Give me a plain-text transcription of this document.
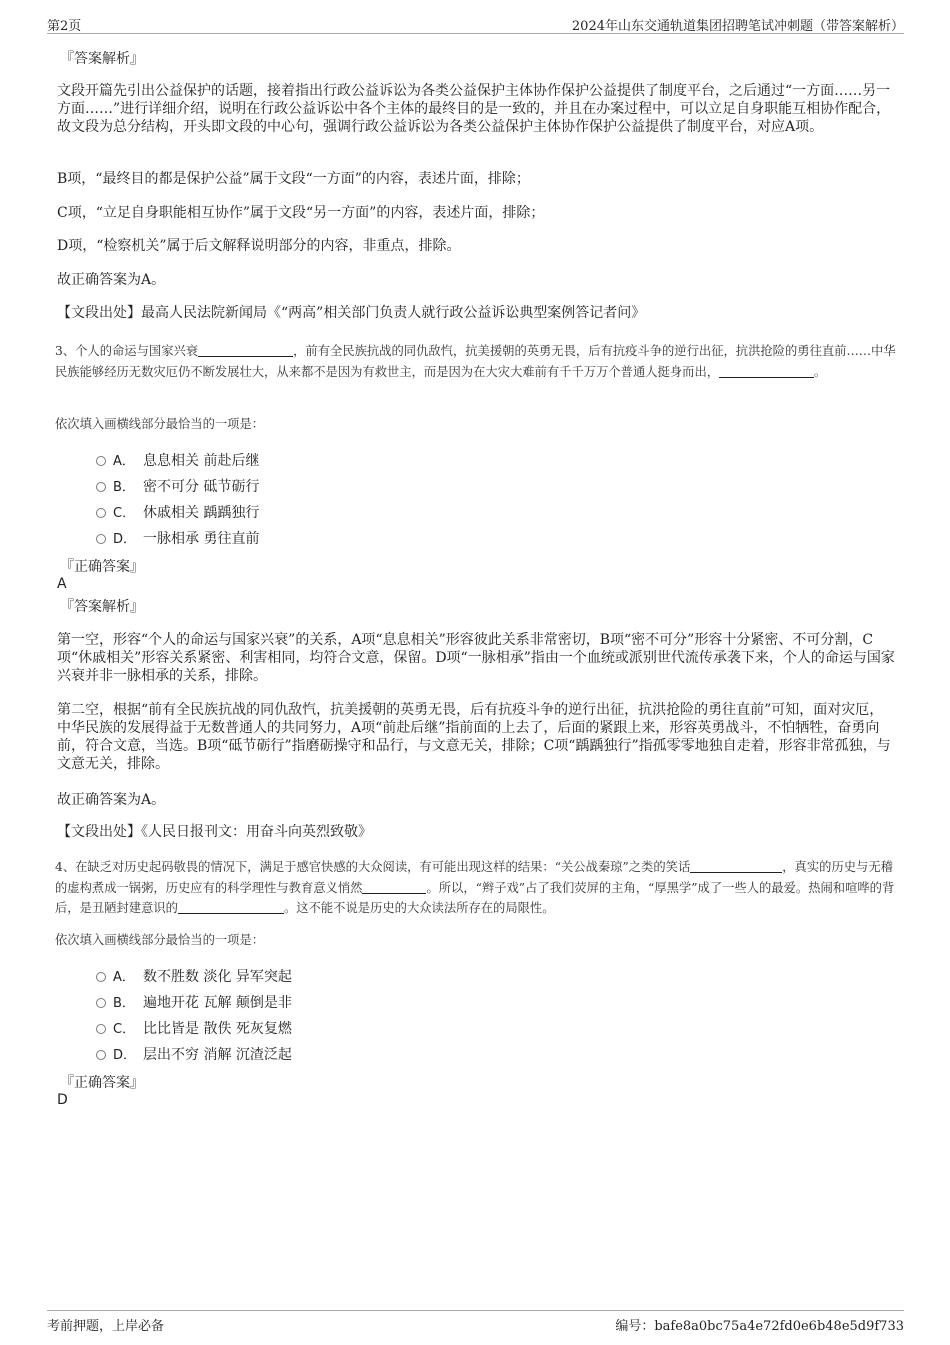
第2页	2024年山东交通轨道集团招聘笔试冲刺题（带答案解析）
『答案解析』
文段开篇先引出公益保护的话题，接着指出行政公益诉讼为各类公益保护主体协作保护公益提供了制度平台，之后通过“一方面……另一方面……”进行详细介绍，说明在行政公益诉讼中各个主体的最终目的是一致的，并且在办案过程中，可以立足自身职能互相协作配合，故文段为总分结构，开头即文段的中心句，强调行政公益诉讼为各类公益保护主体协作保护公益提供了制度平台，对应A项。
B项，“最终目的都是保护公益”属于文段“一方面”的内容，表述片面，排除；
C项，“立足自身职能相互协作”属于文段“另一方面”的内容，表述片面，排除；
D项，“检察机关”属于后文解释说明部分的内容，非重点，排除。
故正确答案为A。
【文段出处】最高人民法院新闻局《“两高”相关部门负责人就行政公益诉讼典型案例答记者问》
3、个人的命运与国家兴衰	，前有全民族抗战的同仇敌忾，抗美援朝的英勇无畏，后有抗疫斗争的逆行出征，抗洪抢险的勇往直前……中华民族能够经历无数灾厄仍不断发展壮大，从来都不是因为有救世主，而是因为在大灾大难前有千千万万个普通人挺身而出，	。
依次填入画横线部分最恰当的一项是：
A． 息息相关 前赴后继
B． 密不可分 砥节砺行
C． 休戚相关 踽踽独行
D． 一脉相承 勇往直前
『正确答案』
A
『答案解析』
第一空，形容“个人的命运与国家兴衰”的关系，A项“息息相关”形容彼此关系非常密切，B项“密不可分”形容十分紧密、不可分割，C项“休戚相关”形容关系紧密、利害相同，均符合文意，保留。D项“一脉相承”指由一个血统或派别世代流传承袭下来，个人的命运与国家兴衰并非一脉相承的关系，排除。
第二空，根据“前有全民族抗战的同仇敌忾，抗美援朝的英勇无畏，后有抗疫斗争的逆行出征，抗洪抢险的勇往直前”可知，面对灾厄，中华民族的发展得益于无数普通人的共同努力，A项“前赴后继”指前面的上去了，后面的紧跟上来，形容英勇战斗，不怕牺牲，奋勇向前，符合文意，当选。B项“砥节砺行”指磨砺操守和品行，与文意无关，排除；C项“踽踽独行”指孤零零地独自走着，形容非常孤独，与文意无关，排除。
故正确答案为A。
【文段出处】《人民日报刊文：用奋斗向英烈致敬》
4、在缺乏对历史起码敬畏的情况下，满足于感官快感的大众阅读，有可能出现这样的结果：“关公战秦琼”之类的笑话	，真实的历史与无稽的虚构煮成一锅粥，历史应有的科学理性与教育意义悄然	。所以，“辫子戏”占了我们荧屏的主角，“厚黑学”成了一些人的最爱。热闹和喧哗的背后，是丑陋封建意识的	。这不能不说是历史的大众读法所存在的局限性。
依次填入画横线部分最恰当的一项是：
A． 数不胜数 淡化 异军突起
B． 遍地开花 瓦解 颠倒是非
C． 比比皆是 散佚 死灰复燃
D． 层出不穷 消解 沉渣泛起
『正确答案』
D
考前押题，上岸必备	编号：bafe8a0bc75a4e72fd0e6b48e5d9f733
